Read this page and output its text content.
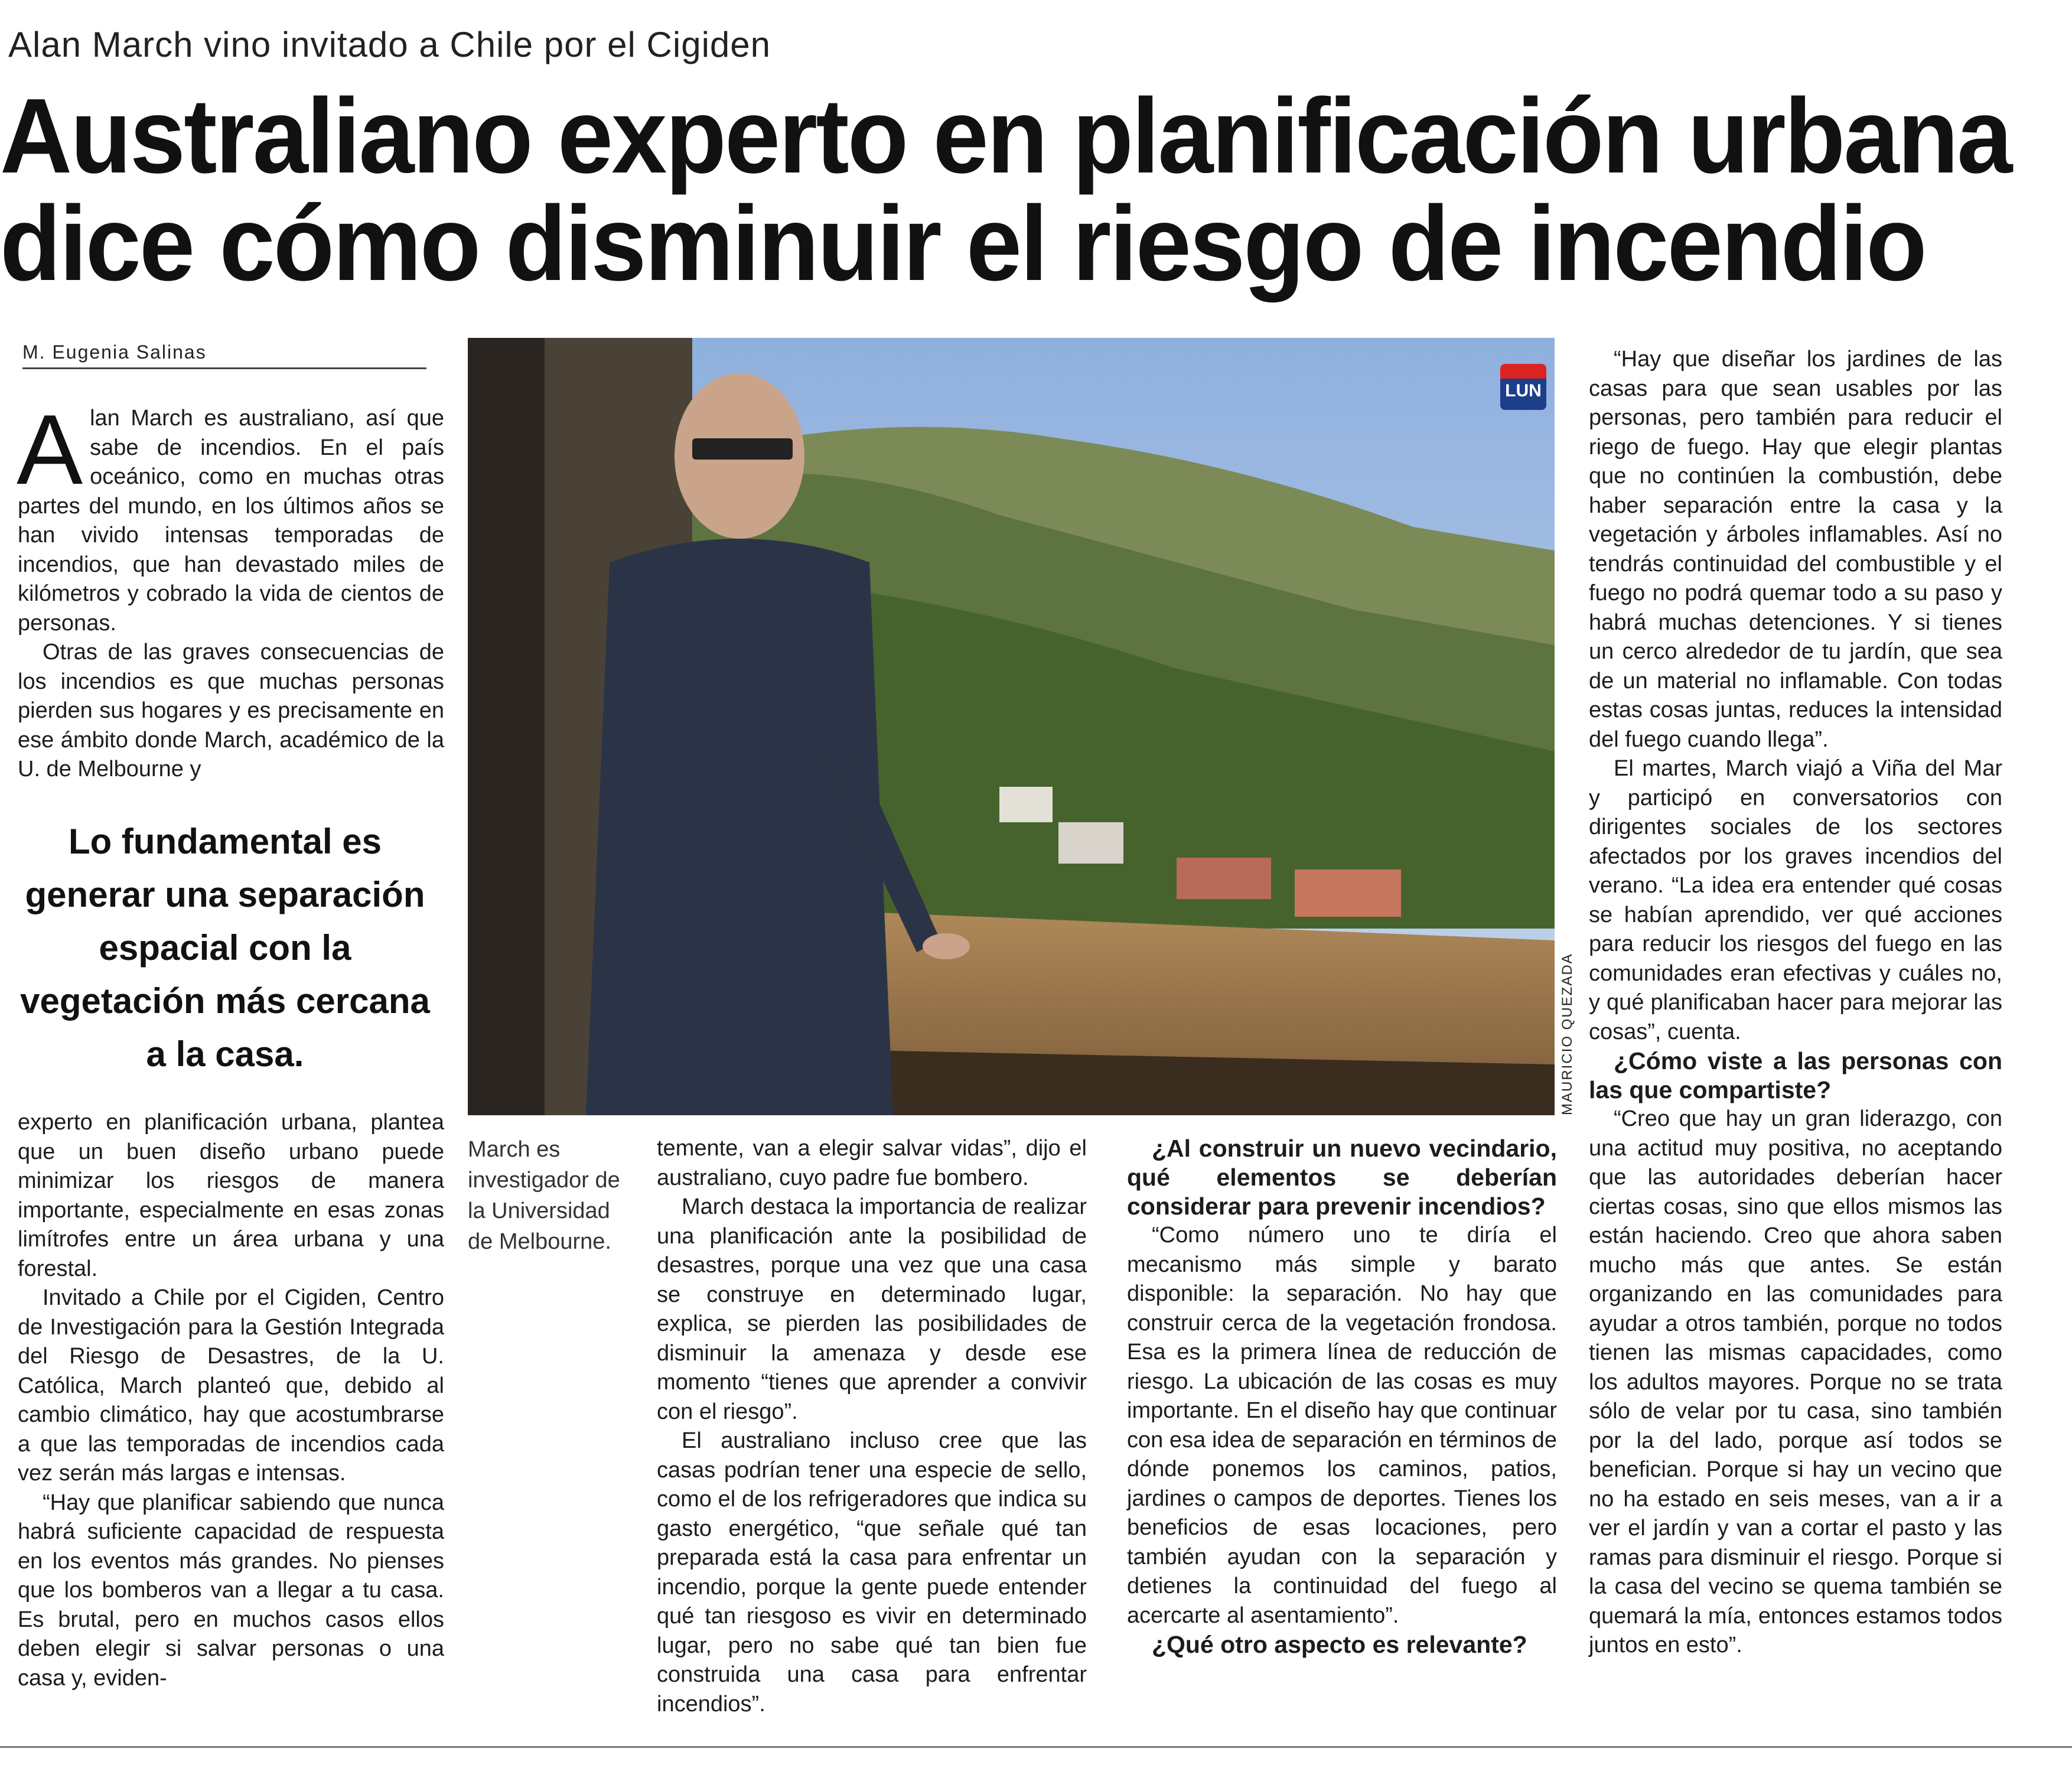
Alan March vino invitado a Chile por el Cigiden
Australiano experto en planificación urbana
dice cómo disminuir el riesgo de incendio
M. Eugenia Salinas
A lan March es australiano, así que sabe de incendios. En el país oceánico, como en muchas otras partes del mundo, en los últimos años se han vivido intensas temporadas de incendios, que han devastado miles de kilómetros y cobrado la vida de cientos de personas.

Otras de las graves consecuencias de los incendios es que muchas personas pierden sus hogares y es precisamente en ese ámbito donde March, académico de la U. de Melbourne y

Lo fundamental es generar una separación espacial con la vegetación más cercana a la casa.

experto en planificación urbana, plantea que un buen diseño urbano puede minimizar los riesgos de manera importante, especialmente en esas zonas limítrofes entre un área urbana y una forestal.

Invitado a Chile por el Cigiden, Centro de Investigación para la Gestión Integrada del Riesgo de Desastres, de la U. Católica, March planteó que, debido al cambio climático, hay que acostumbrarse a que las temporadas de incendios cada vez serán más largas e intensas.

“Hay que planificar sabiendo que nunca habrá suficiente capacidad de respuesta en los eventos más grandes. No pienses que los bomberos van a llegar a tu casa. Es brutal, pero en muchos casos ellos deben elegir si salvar personas o una casa y, eviden-

LUN
MAURICIO QUEZADA
March es investigador de la Universidad de Melbourne.

temente, van a elegir salvar vidas”, dijo el australiano, cuyo padre fue bombero.

March destaca la importancia de realizar una planificación ante la posibilidad de desastres, porque una vez que una casa se construye en determinado lugar, explica, se pierden las posibilidades de disminuir la amenaza y desde ese momento “tienes que aprender a convivir con el riesgo”.

El australiano incluso cree que las casas podrían tener una especie de sello, como el de los refrigeradores que indica su gasto energético, “que señale qué tan preparada está la casa para enfrentar un incendio, porque la gente puede entender qué tan riesgoso es vivir en determinado lugar, pero no sabe qué tan bien fue construida una casa para enfrentar incendios”.

¿Al construir un nuevo vecindario, qué elementos se deberían considerar para prevenir incendios?

“Como número uno te diría el mecanismo más simple y barato disponible: la separación. No hay que construir cerca de la vegetación frondosa. Esa es la primera línea de reducción de riesgo. La ubicación de las cosas es muy importante. En el diseño hay que continuar con esa idea de separación en términos de dónde ponemos los caminos, patios, jardines o campos de deportes. Tienes los beneficios de esas locaciones, pero también ayudan con la separación y detienes la continuidad del fuego al acercarte al asentamiento”.

¿Qué otro aspecto es relevante?

“Hay que diseñar los jardines de las casas para que sean usables por las personas, pero también para reducir el riego de fuego. Hay que elegir plantas que no continúen la combustión, debe haber separación entre la casa y la vegetación y árboles inflamables. Así no tendrás continuidad del combustible y el fuego no podrá quemar todo a su paso y habrá muchas detenciones. Y si tienes un cerco alrededor de tu jardín, que sea de un material no inflamable. Con todas estas cosas juntas, reduces la intensidad del fuego cuando llega”.

El martes, March viajó a Viña del Mar y participó en conversatorios con dirigentes sociales de los sectores afectados por los graves incendios del verano. “La idea era entender qué cosas se habían aprendido, ver qué acciones para reducir los riesgos del fuego en las comunidades eran efectivas y cuáles no, y qué planificaban hacer para mejorar las cosas”, cuenta.

¿Cómo viste a las personas con las que compartiste?

“Creo que hay un gran liderazgo, con una actitud muy positiva, no aceptando que las autoridades deberían hacer ciertas cosas, sino que ellos mismos las están haciendo. Creo que ahora saben mucho más que antes. Se están organizando en las comunidades para ayudar a otros también, porque no todos tienen las mismas capacidades, como los adultos mayores. Porque no se trata sólo de velar por tu casa, sino también por la del lado, porque así todos se benefician. Porque si hay un vecino que no ha estado en seis meses, van a ir a ver el jardín y van a cortar el pasto y las ramas para disminuir el riesgo. Porque si la casa del vecino se quema también se quemará la mía, entonces estamos todos juntos en esto”.
